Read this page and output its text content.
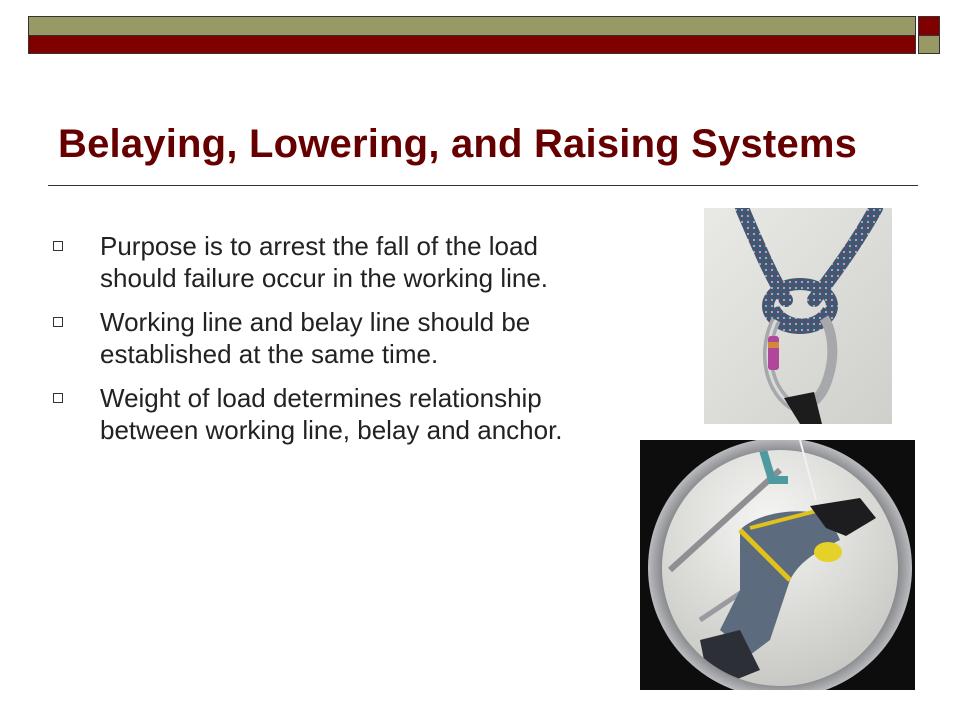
Belaying, Lowering, and Raising Systems
Purpose is to arrest the fall of the load should failure occur in the working line.
Working line and belay line should be established at the same time.
Weight of load determines relationship between working line, belay and anchor.
